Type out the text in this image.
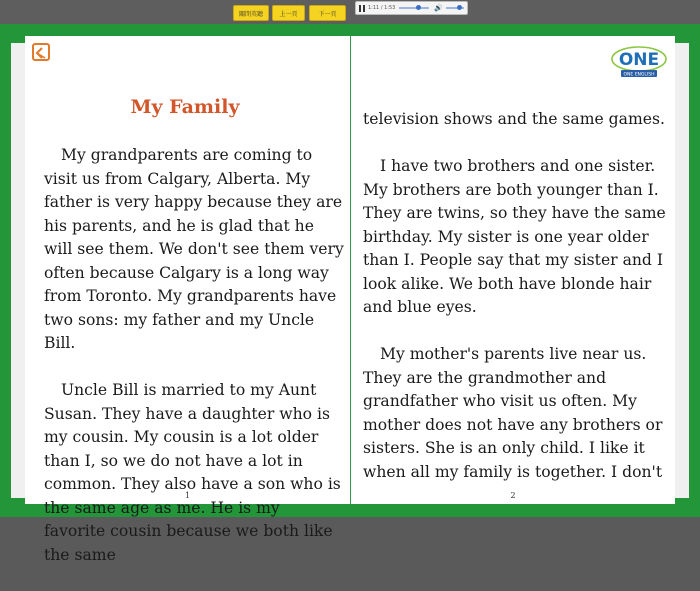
關閉英聽	上一頁	下一頁
1:11 / 1:53	🔊
My Family

My grandparents are coming to visit us from Calgary, Alberta. My father is very happy because they are his parents, and he is glad that he will see them. We don't see them very often because Calgary is a long way from Toronto. My grandparents have two sons: my father and my Uncle Bill.

Uncle Bill is married to my Aunt Susan. They have a daughter who is my cousin. My cousin is a lot older than I, so we do not have a lot in common. They also have a son who is the same age as me. He is my favorite cousin because we both like the same

1
ONE
ONE ENGLISH

television shows and the same games.

I have two brothers and one sister. My brothers are both younger than I. They are twins, so they have the same birthday. My sister is one year older than I. People say that my sister and I look alike. We both have blonde hair and blue eyes.

My mother's parents live near us. They are the grandmother and grandfather who visit us often. My mother does not have any brothers or sisters. She is an only child. I like it when all my family is together. I don't

2
